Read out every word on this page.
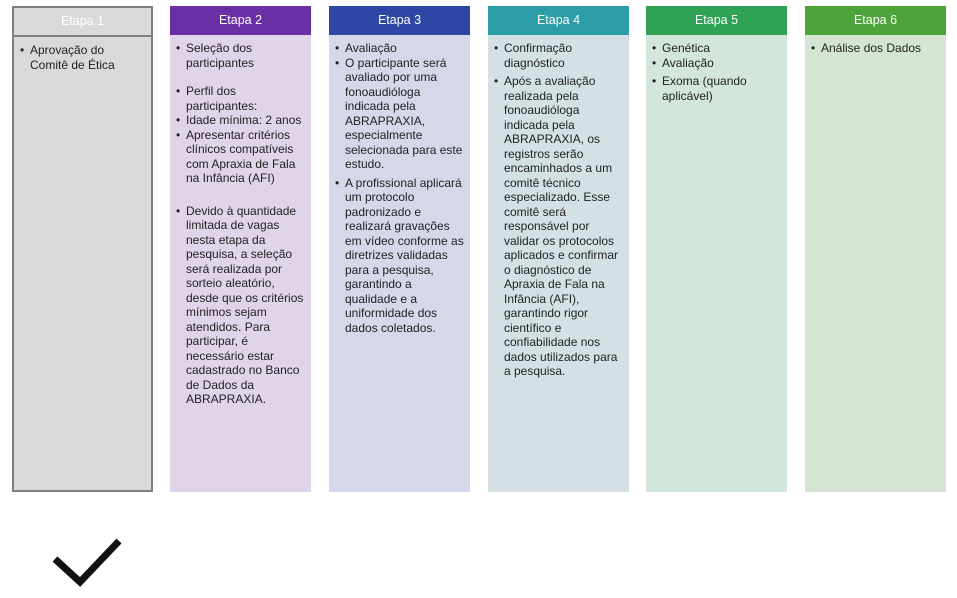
Etapa 1
• Aprovação do Comitê de Ética
Etapa 2
• Seleção dos participantes
• Perfil dos participantes:
• Idade mínima: 2 anos
• Apresentar critérios clínicos compatíveis com Apraxia de Fala na Infância (AFI)
• Devido à quantidade limitada de vagas nesta etapa da pesquisa, a seleção será realizada por sorteio aleatório, desde que os critérios mínimos sejam atendidos. Para participar, é necessário estar cadastrado no Banco de Dados da ABRAPRAXIA.
Etapa 3
• Avaliação
• O participante será avaliado por uma fonoaudióloga indicada pela ABRAPRAXIA, especialmente selecionada para este estudo.
• A profissional aplicará um protocolo padronizado e realizará gravações em vídeo conforme as diretrizes validadas para a pesquisa, garantindo a qualidade e a uniformidade dos dados coletados.
Etapa 4
• Confirmação diagnóstico
• Após a avaliação realizada pela fonoaudióloga indicada pela ABRAPRAXIA, os registros serão encaminhados a um comitê técnico especializado. Esse comitê será responsável por validar os protocolos aplicados e confirmar o diagnóstico de Apraxia de Fala na Infância (AFI), garantindo rigor científico e confiabilidade nos dados utilizados para a pesquisa.
Etapa 5
• Genética
• Avaliação
• Exoma (quando aplicável)
Etapa 6
• Análise dos Dados
